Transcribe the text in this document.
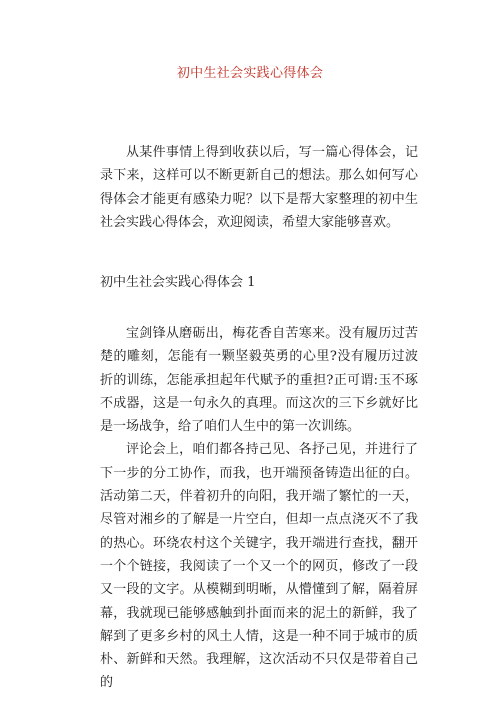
初中生社会实践心得体会

从某件事情上得到收获以后，写一篇心得体会，记录下来，这样可以不断更新自己的想法。那么如何写心得体会才能更有感染力呢？以下是帮大家整理的初中生社会实践心得体会，欢迎阅读，希望大家能够喜欢。

初中生社会实践心得体会 1

宝剑锋从磨砺出，梅花香自苦寒来。没有履历过苦楚的雕刻，怎能有一颗坚毅英勇的心里?没有履历过波折的训练，怎能承担起年代赋予的重担?正可谓:玉不琢不成器，这是一句永久的真理。而这次的三下乡就好比是一场战争，给了咱们人生中的第一次训练。

评论会上，咱们都各持己见、各抒己见，并进行了下一步的分工协作，而我，也开端预备铸造出征的白。活动第二天，伴着初升的向阳，我开端了繁忙的一天，尽管对湘乡的了解是一片空白，但却一点点浇灭不了我的热心。环绕农村这个关键字，我开端进行查找，翻开一个个链接，我阅读了一个又一个的网页，修改了一段又一段的文字。从模糊到明晰，从懵懂到了解，隔着屏幕，我就现已能够感触到扑面而来的泥土的新鲜，我了解到了更多乡村的风土人情，这是一种不同于城市的质朴、新鲜和天然。我理解，这次活动不只仅是带着自己的
